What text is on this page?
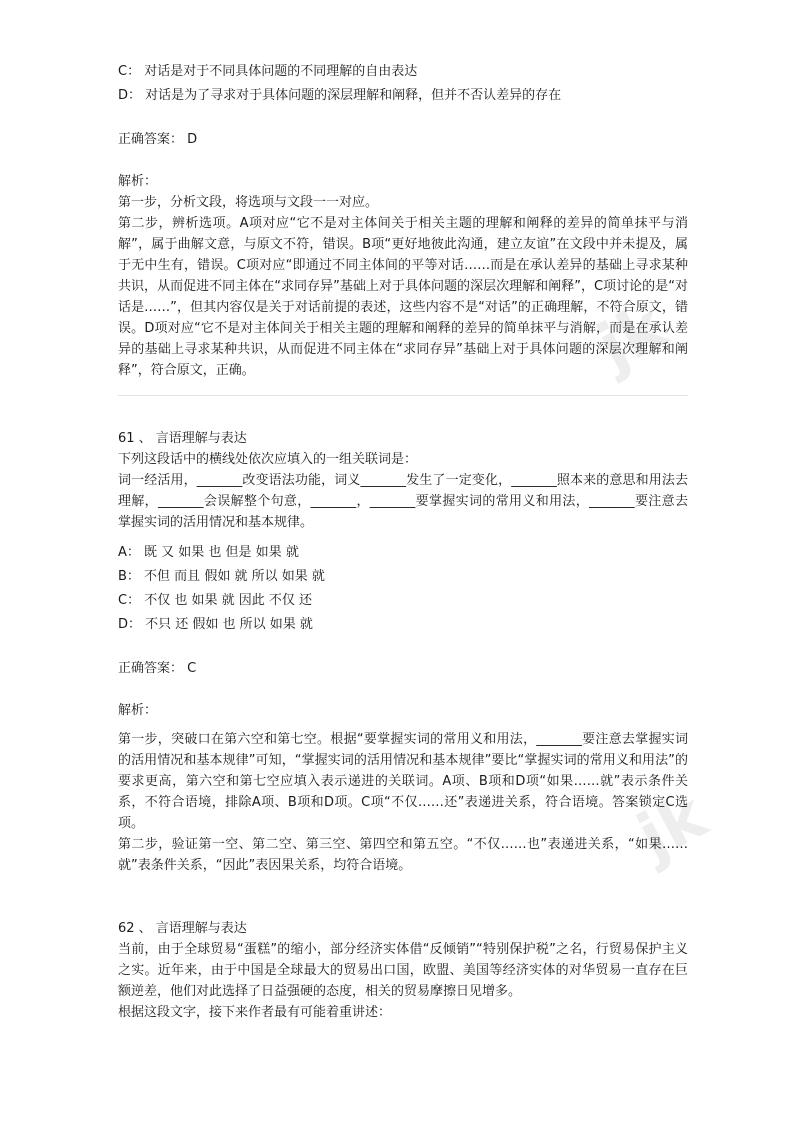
jk
jk
C： 对话是对于不同具体问题的不同理解的自由表达
D： 对话是为了寻求对于具体问题的深层理解和阐释，但并不否认差异的存在
正确答案： D
解析：
第一步，分析文段，将选项与文段一一对应。
第二步，辨析选项。A项对应“它不是对主体间关于相关主题的理解和阐释的差异的简单抹平与消解”，属于曲解文意，与原文不符，错误。B项“更好地彼此沟通，建立友谊”在文段中并未提及，属于无中生有，错误。C项对应“即通过不同主体间的平等对话……而是在承认差异的基础上寻求某种共识，从而促进不同主体在“求同存异”基础上对于具体问题的深层次理解和阐释”，C项讨论的是“对话是……”，但其内容仅是关于对话前提的表述，这些内容不是“对话”的正确理解，不符合原文，错误。D项对应“它不是对主体间关于相关主题的理解和阐释的差异的简单抹平与消解，而是在承认差异的基础上寻求某种共识，从而促进不同主体在“求同存异”基础上对于具体问题的深层次理解和阐释”，符合原文，正确。
61 、 言语理解与表达
下列这段话中的横线处依次应填入的一组关联词是：
词一经活用，_______改变语法功能，词义_______发生了一定变化，_______照本来的意思和用法去理解，_______会误解整个句意，_______，_______要掌握实词的常用义和用法，_______要注意去掌握实词的活用情况和基本规律。
A： 既 又 如果 也 但是 如果 就
B： 不但 而且 假如 就 所以 如果 就
C： 不仅 也 如果 就 因此 不仅 还
D： 不只 还 假如 也 所以 如果 就
正确答案： C
解析：
第一步，突破口在第六空和第七空。根据“要掌握实词的常用义和用法，_______要注意去掌握实词的活用情况和基本规律”可知，“掌握实词的活用情况和基本规律”要比“掌握实词的常用义和用法”的要求更高，第六空和第七空应填入表示递进的关联词。A项、B项和D项“如果……就”表示条件关系，不符合语境，排除A项、B项和D项。C项“不仅……还”表递进关系，符合语境。答案锁定C选项。
第二步，验证第一空、第二空、第三空、第四空和第五空。“不仅……也”表递进关系，“如果……就”表条件关系，“因此”表因果关系，均符合语境。
62 、 言语理解与表达
当前，由于全球贸易“蛋糕”的缩小，部分经济实体借“反倾销”“特别保护税”之名，行贸易保护主义之实。近年来，由于中国是全球最大的贸易出口国，欧盟、美国等经济实体的对华贸易一直存在巨额逆差，他们对此选择了日益强硬的态度，相关的贸易摩擦日见增多。
根据这段文字，接下来作者最有可能着重讲述：
